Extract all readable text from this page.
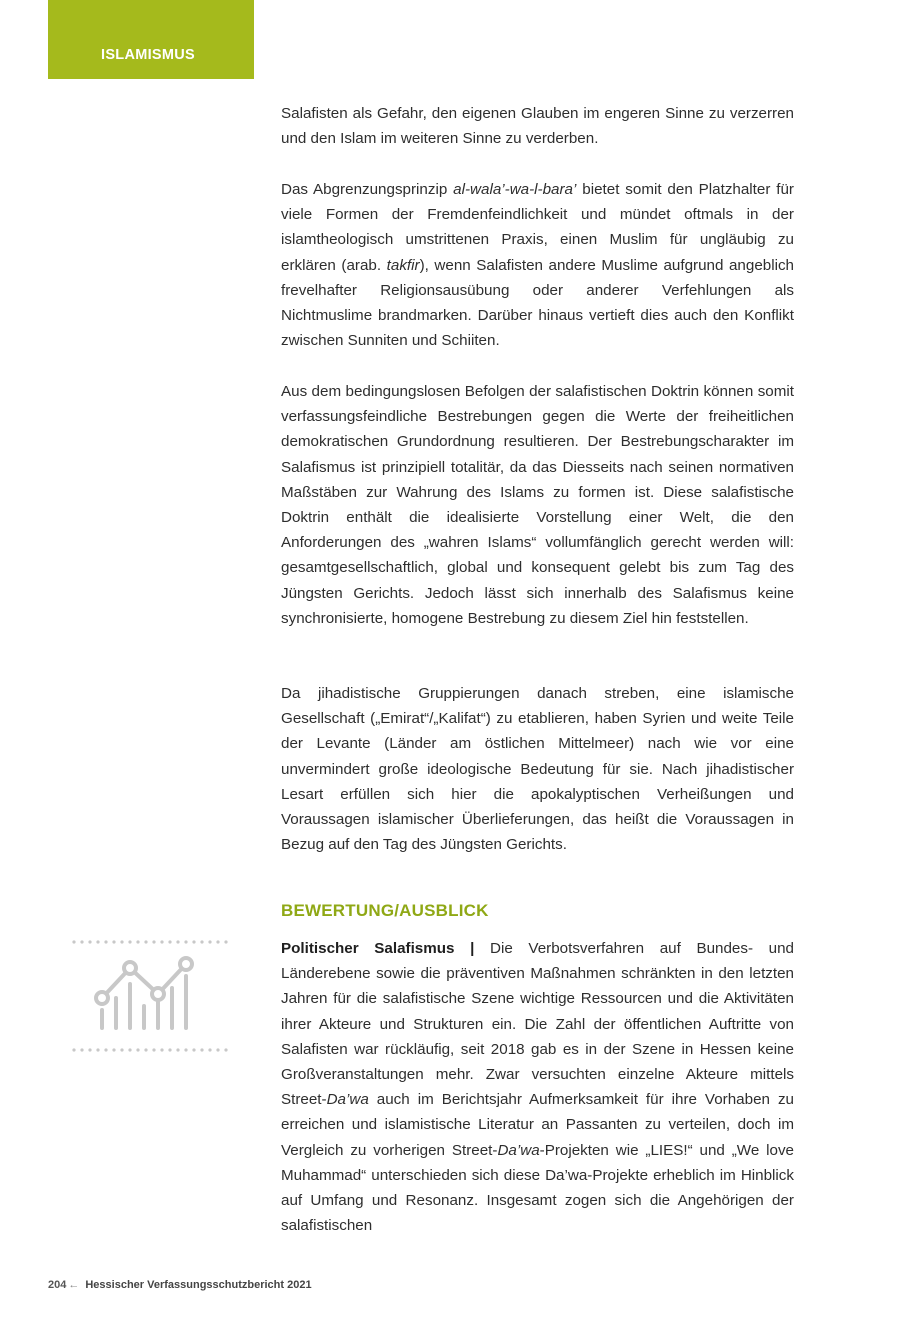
ISLAMISMUS

Salafisten als Gefahr, den eigenen Glauben im engeren Sinne zu verzerren und den Islam im weiteren Sinne zu verderben.

Das Abgrenzungsprinzip al-wala’-wa-l-bara’ bietet somit den Platzhalter für viele Formen der Fremdenfeindlichkeit und mündet oftmals in der islamtheologisch umstrittenen Praxis, einen Muslim für ungläubig zu erklären (arab. takfir), wenn Salafisten andere Muslime aufgrund angeblich frevelhafter Religionsausübung oder anderer Verfehlungen als Nichtmuslime brandmarken. Darüber hinaus vertieft dies auch den Konflikt zwischen Sunniten und Schiiten.

Aus dem bedingungslosen Befolgen der salafistischen Doktrin können somit verfassungsfeindliche Bestrebungen gegen die Werte der freiheitlichen demokratischen Grundordnung resultieren. Der Bestrebungscharakter im Salafismus ist prinzipiell totalitär, da das Diesseits nach seinen normativen Maßstäben zur Wahrung des Islams zu formen ist. Diese salafistische Doktrin enthält die idealisierte Vorstellung einer Welt, die den Anforderungen des „wahren Islams“ vollumfänglich gerecht werden will: gesamtgesellschaftlich, global und konsequent gelebt bis zum Tag des Jüngsten Gerichts. Jedoch lässt sich innerhalb des Salafismus keine synchronisierte, homogene Bestrebung zu diesem Ziel hin feststellen.

Da jihadistische Gruppierungen danach streben, eine islamische Gesellschaft („Emirat“/„Kalifat“) zu etablieren, haben Syrien und weite Teile der Levante (Länder am östlichen Mittelmeer) nach wie vor eine unvermindert große ideologische Bedeutung für sie. Nach jihadistischer Lesart erfüllen sich hier die apokalyptischen Verheißungen und Voraussagen islamischer Überlieferungen, das heißt die Voraussagen in Bezug auf den Tag des Jüngsten Gerichts.

BEWERTUNG/AUSBLICK

Politischer Salafismus | Die Verbotsverfahren auf Bundes- und Länderebene sowie die präventiven Maßnahmen schränkten in den letzten Jahren für die salafistische Szene wichtige Ressourcen und die Aktivitäten ihrer Akteure und Strukturen ein. Die Zahl der öffentlichen Auftritte von Salafisten war rückläufig, seit 2018 gab es in der Szene in Hessen keine Großveranstaltungen mehr. Zwar versuchten einzelne Akteure mittels Street-Da’wa auch im Berichtsjahr Aufmerksamkeit für ihre Vorhaben zu erreichen und islamistische Literatur an Passanten zu verteilen, doch im Vergleich zu vorherigen Street-Da’wa-Projekten wie „LIES!“ und „We love Muhammad“ unterschieden sich diese Da’wa-Projekte erheblich im Hinblick auf Umfang und Resonanz. Insgesamt zogen sich die Angehörigen der salafistischen

204 ← Hessischer Verfassungsschutzbericht 2021
